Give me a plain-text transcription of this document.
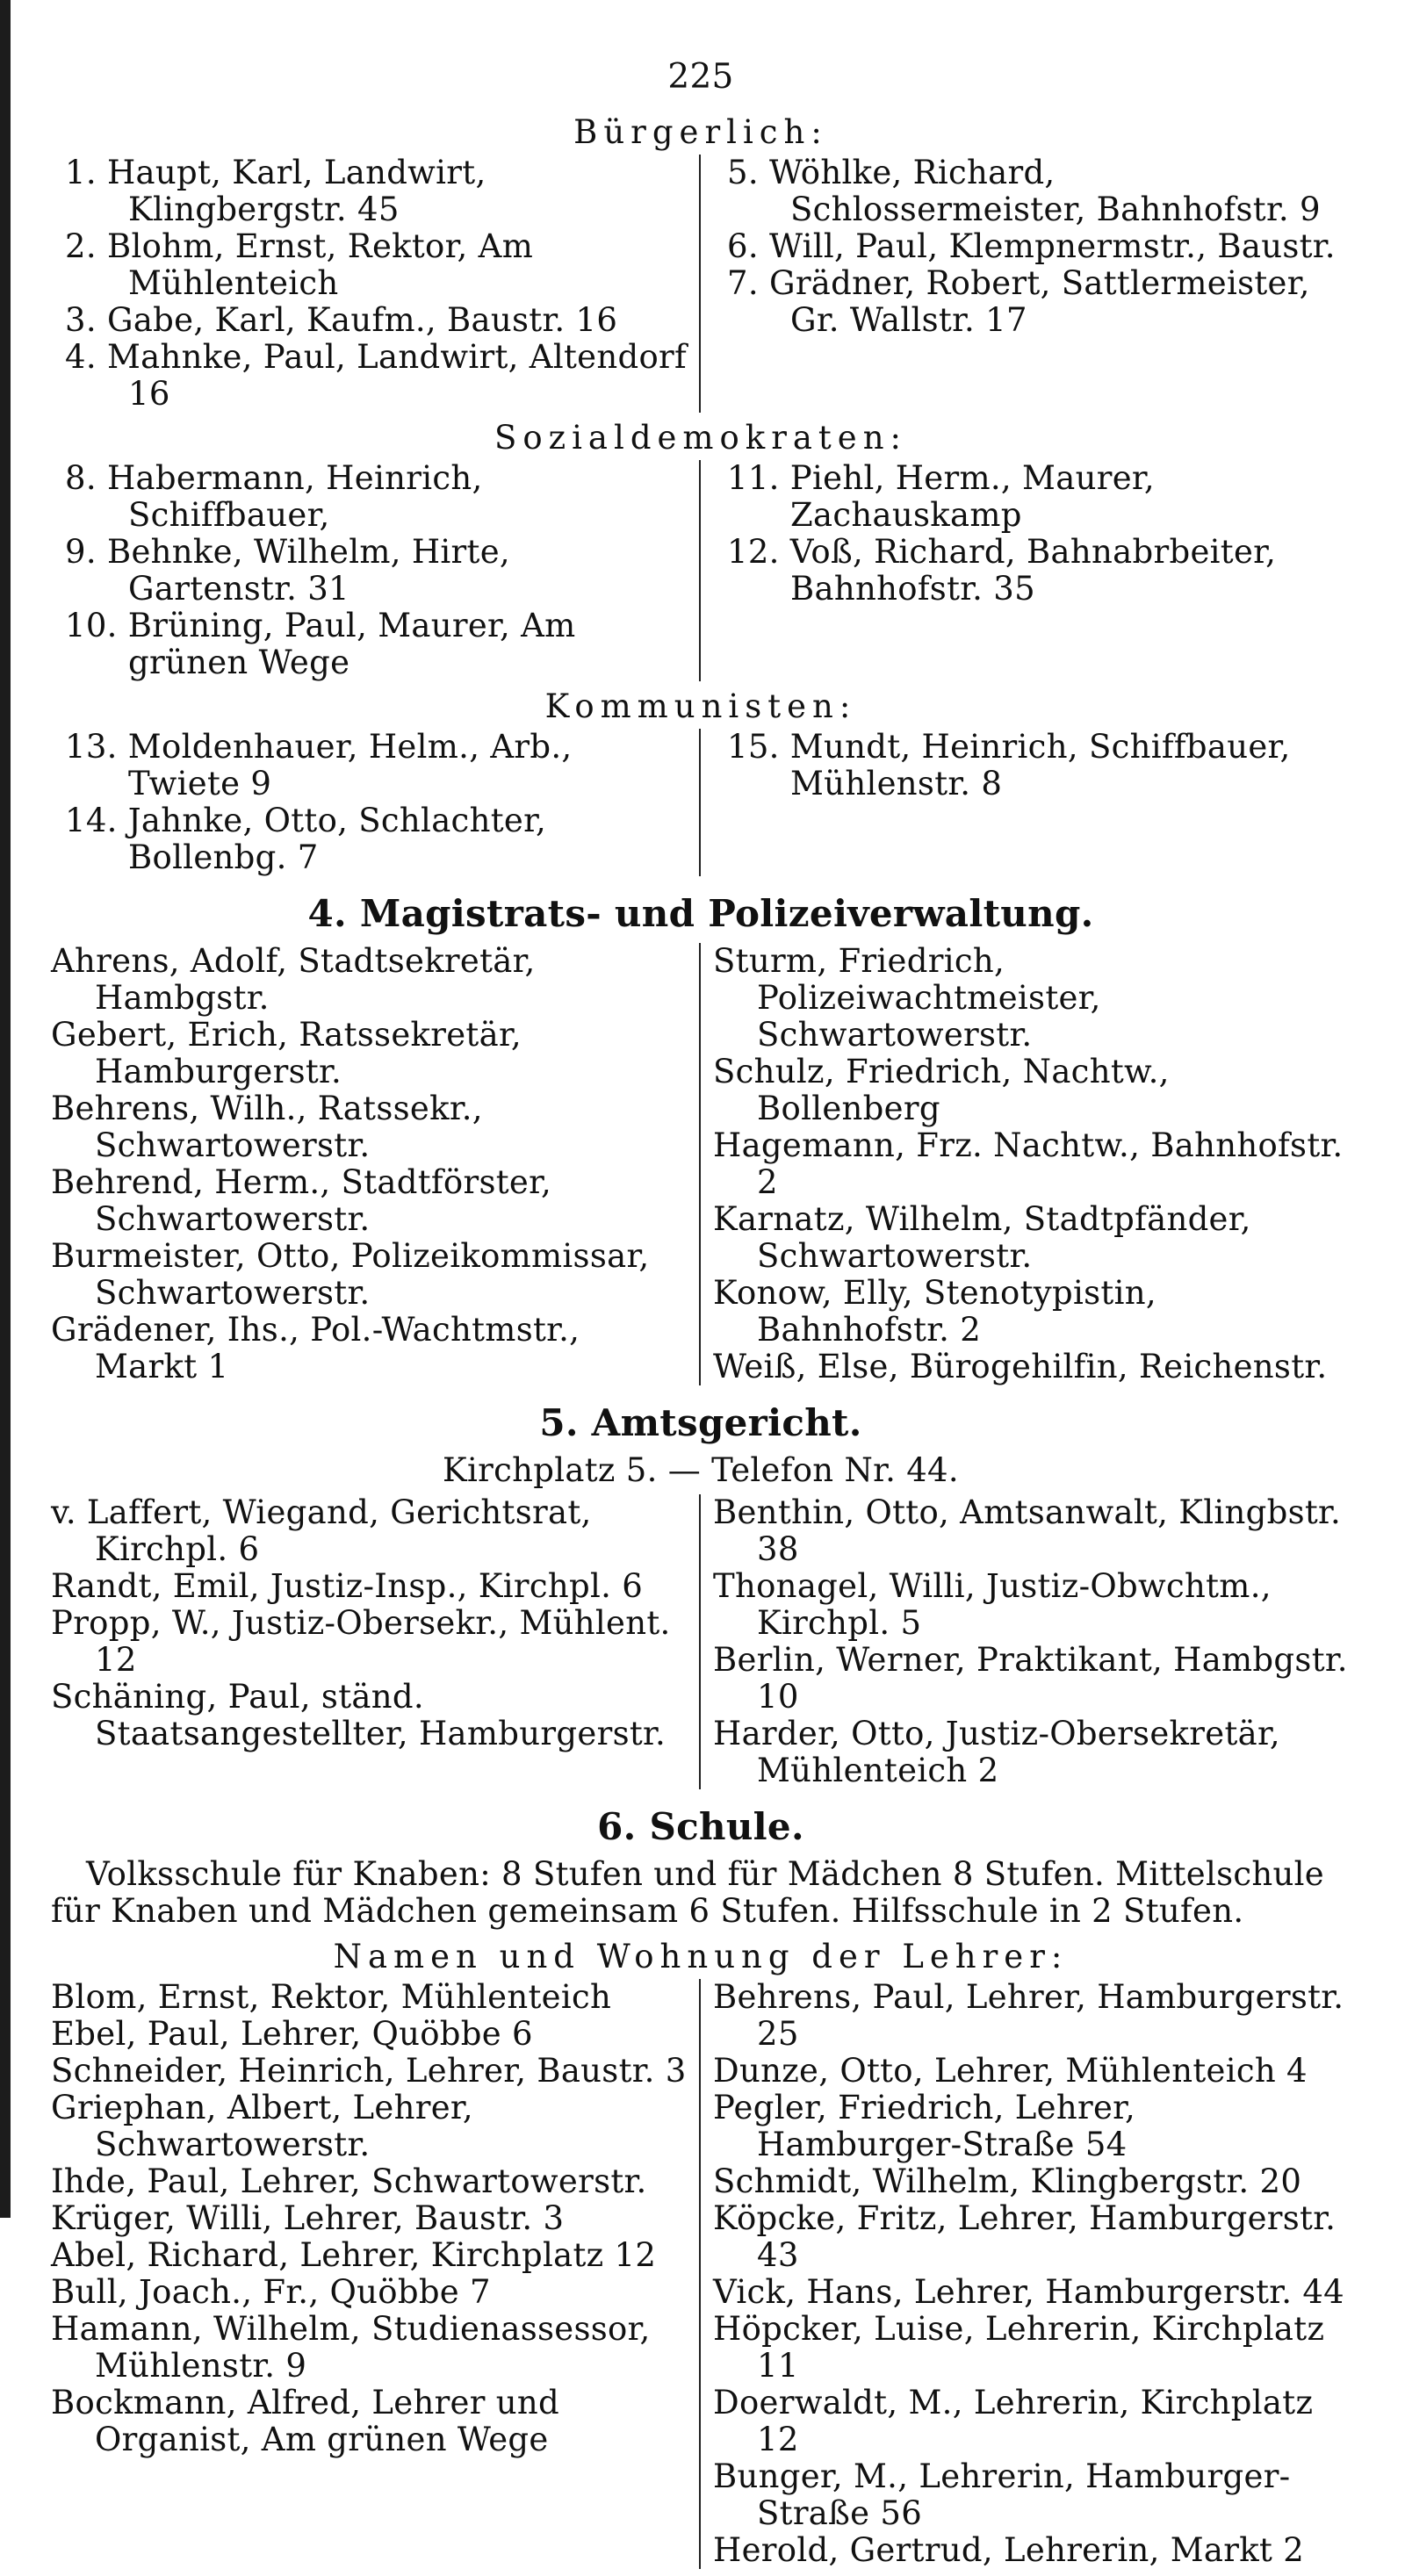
225
Bürgerlich:
1. Haupt, Karl, Landwirt, Klingbergstr. 45
2. Blohm, Ernst, Rektor, Am Mühlenteich
3. Gabe, Karl, Kaufm., Baustr. 16
4. Mahnke, Paul, Landwirt, Altendorf 16
5. Wöhlke, Richard, Schlossermeister, Bahnhofstr. 9
6. Will, Paul, Klempnermstr., Baustr.
7. Grädner, Robert, Sattlermeister, Gr. Wallstr. 17
Sozialdemokraten:
8. Habermann, Heinrich, Schiffbauer,
9. Behnke, Wilhelm, Hirte, Gartenstr. 31
10. Brüning, Paul, Maurer, Am grünen Wege
11. Piehl, Herm., Maurer, Zachauskamp
12. Voß, Richard, Bahnabrbeiter, Bahnhofstr. 35
Kommunisten:
13. Moldenhauer, Helm., Arb., Twiete 9
14. Jahnke, Otto, Schlachter, Bollenbg. 7
15. Mundt, Heinrich, Schiffbauer, Mühlenstr. 8
4. Magistrats- und Polizeiverwaltung.
Ahrens, Adolf, Stadtsekretär, Hambgstr.
Gebert, Erich, Ratssekretär, Hamburgerstr.
Behrens, Wilh., Ratssekr., Schwartowerstr.
Behrend, Herm., Stadtförster, Schwartowerstr.
Burmeister, Otto, Polizeikommissar, Schwartowerstr.
Grädener, Ihs., Pol.-Wachtmstr., Markt 1
Sturm, Friedrich, Polizeiwachtmeister, Schwartowerstr.
Schulz, Friedrich, Nachtw., Bollenberg
Hagemann, Frz. Nachtw., Bahnhofstr. 2
Karnatz, Wilhelm, Stadtpfänder, Schwartowerstr.
Konow, Elly, Stenotypistin, Bahnhofstr. 2
Weiß, Else, Bürogehilfin, Reichenstr.
5. Amtsgericht.
Kirchplatz 5. — Telefon Nr. 44.
v. Laffert, Wiegand, Gerichtsrat, Kirchpl. 6
Randt, Emil, Justiz-Insp., Kirchpl. 6
Propp, W., Justiz-Obersekr., Mühlent. 12
Schäning, Paul, ständ. Staatsangestellter, Hamburgerstr.
Benthin, Otto, Amtsanwalt, Klingbstr. 38
Thonagel, Willi, Justiz-Obwchtm., Kirchpl. 5
Berlin, Werner, Praktikant, Hambgstr. 10
Harder, Otto, Justiz-Obersekretär, Mühlenteich 2
6. Schule.
Volksschule für Knaben: 8 Stufen und für Mädchen 8 Stufen. Mittelschule für Knaben und Mädchen gemeinsam 6 Stufen. Hilfsschule in 2 Stufen.
Namen und Wohnung der Lehrer:
Blom, Ernst, Rektor, Mühlenteich
Ebel, Paul, Lehrer, Quöbbe 6
Schneider, Heinrich, Lehrer, Baustr. 3
Griephan, Albert, Lehrer, Schwartowerstr.
Ihde, Paul, Lehrer, Schwartowerstr.
Krüger, Willi, Lehrer, Baustr. 3
Abel, Richard, Lehrer, Kirchplatz 12
Bull, Joach., Fr., Quöbbe 7
Hamann, Wilhelm, Studienassessor, Mühlenstr. 9
Bockmann, Alfred, Lehrer und Organist, Am grünen Wege
Behrens, Paul, Lehrer, Hamburgerstr. 25
Dunze, Otto, Lehrer, Mühlenteich 4
Pegler, Friedrich, Lehrer, Hamburger-Straße 54
Schmidt, Wilhelm, Klingbergstr. 20
Köpcke, Fritz, Lehrer, Hamburgerstr. 43
Vick, Hans, Lehrer, Hamburgerstr. 44
Höpcker, Luise, Lehrerin, Kirchplatz 11
Doerwaldt, M., Lehrerin, Kirchplatz 12
Bunger, M., Lehrerin, Hamburger-Straße 56
Herold, Gertrud, Lehrerin, Markt 2
